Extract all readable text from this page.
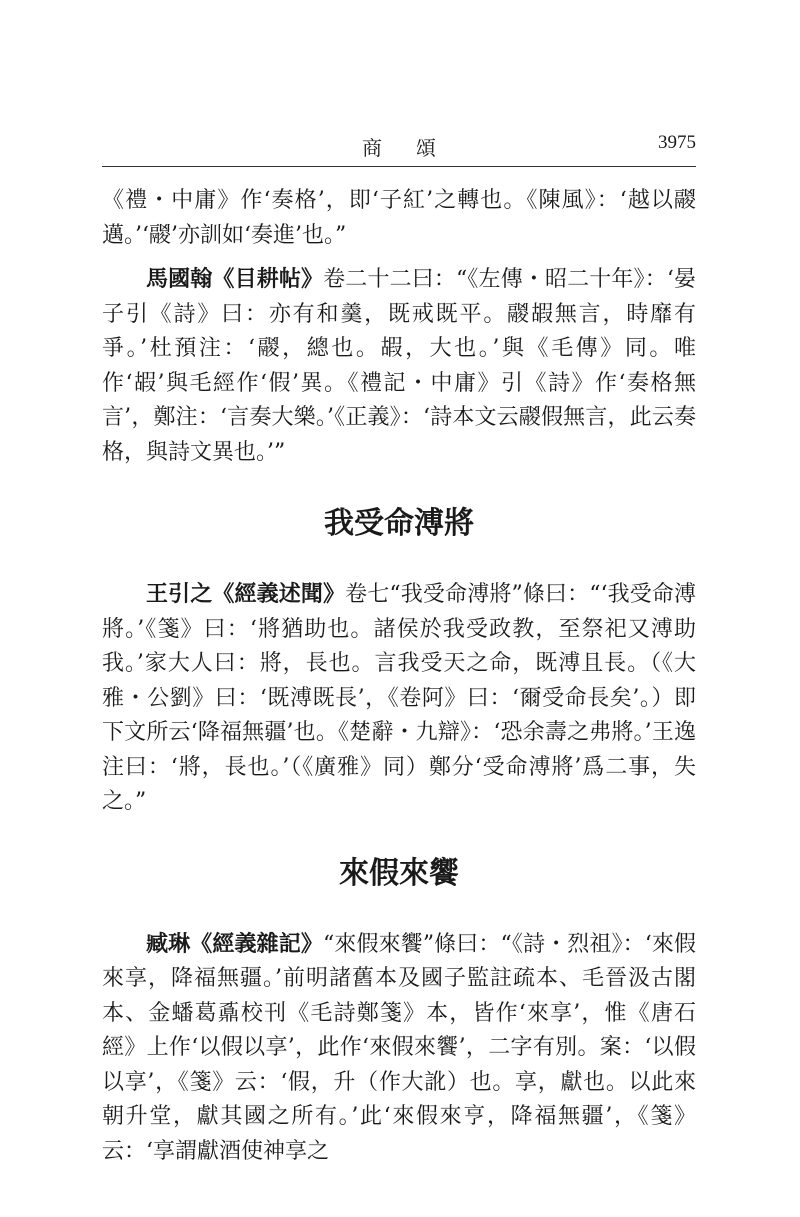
商頌	3975

《禮・中庸》作‘奏格’，即‘子紅’之轉也。《陳風》：‘越以鬷邁。’‘鬷’亦訓如‘奏進’也。”

馬國翰《目耕帖》卷二十二曰：“《左傳・昭二十年》：‘晏子引《詩》曰：亦有和羹，既戒既平。鬷嘏無言，時靡有爭。’杜預注：‘鬷，總也。嘏，大也。’與《毛傳》同。唯作‘嘏’與毛經作‘假’異。《禮記・中庸》引《詩》作‘奏格無言’，鄭注：‘言奏大樂。’《正義》：‘詩本文云鬷假無言，此云奏格，與詩文異也。’”

我受命溥將

王引之《經義述聞》卷七“我受命溥將”條曰：“‘我受命溥將。’《箋》曰：‘將猶助也。諸侯於我受政教，至祭祀又溥助我。’家大人曰：將，長也。言我受天之命，既溥且長。（《大雅・公劉》曰：‘既溥既長’，《卷阿》曰：‘爾受命長矣’。）即下文所云‘降福無疆’也。《楚辭・九辯》：‘恐余壽之弗將。’王逸注曰：‘將，長也。’（《廣雅》同）鄭分‘受命溥將’爲二事，失之。”

來假來饗

臧琳《經義雜記》“來假來饗”條曰：“《詩・烈祖》：‘來假來享，降福無疆。’前明諸舊本及國子監註疏本、毛晉汲古閣本、金蟠葛鼒校刊《毛詩鄭箋》本，皆作‘來享’，惟《唐石經》上作‘以假以享’，此作‘來假來饗’，二字有別。案：‘以假以享’，《箋》云：‘假，升（作大訛）也。享，獻也。以此來朝升堂，獻其國之所有。’此‘來假來亨，降福無疆’，《箋》云：‘享謂獻酒使神享之
